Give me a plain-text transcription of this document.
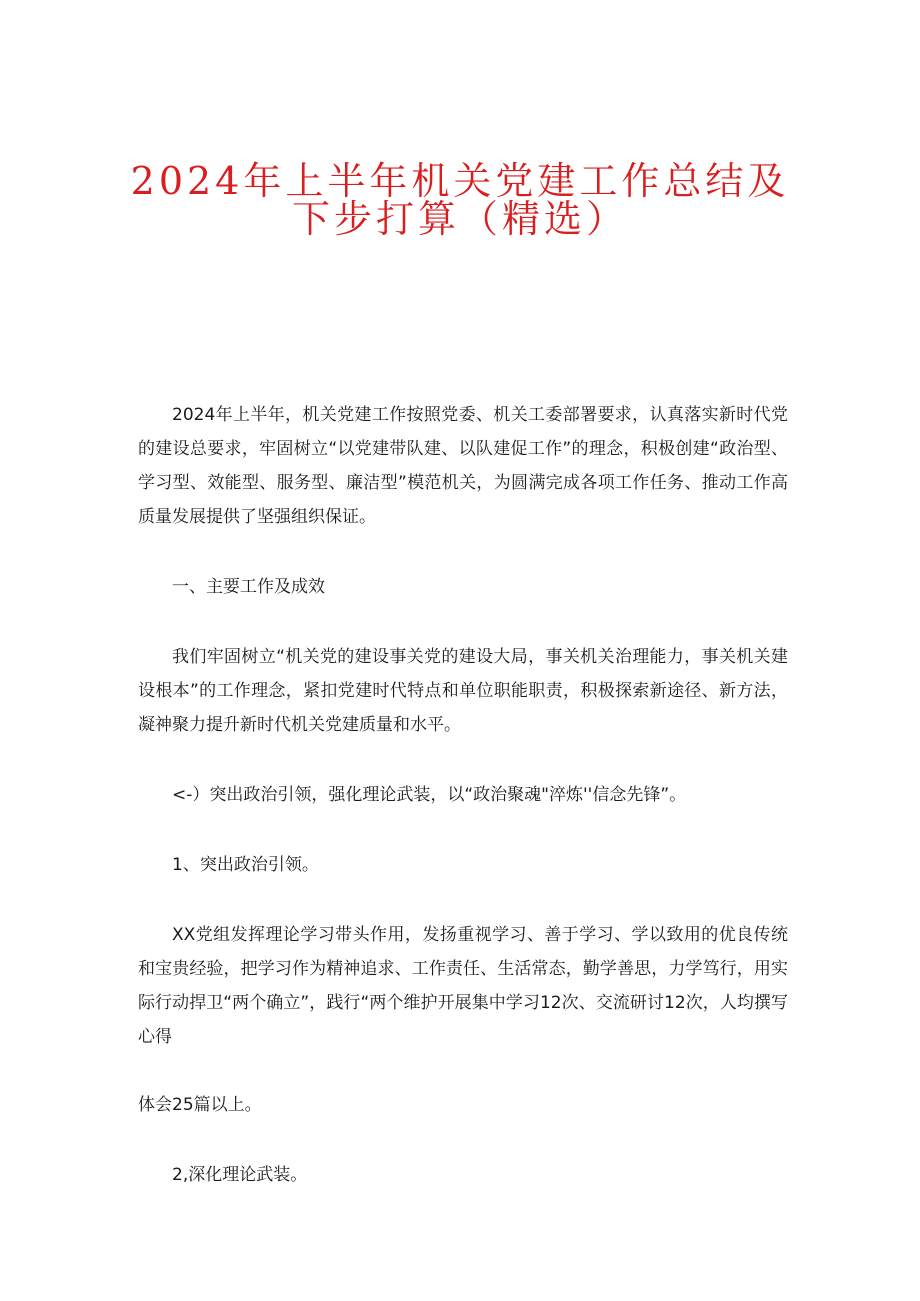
2024年上半年机关党建工作总结及
下步打算（精选）

2024年上半年，机关党建工作按照党委、机关工委部署要求，认真落实新时代党的建设总要求，牢固树立“以党建带队建、以队建促工作”的理念，积极创建“政治型、学习型、效能型、服务型、廉洁型”模范机关，为圆满完成各项工作任务、推动工作高质量发展提供了坚强组织保证。

一、主要工作及成效

我们牢固树立“机关党的建设事关党的建设大局，事关机关治理能力，事关机关建设根本”的工作理念，紧扣党建时代特点和单位职能职责，积极探索新途径、新方法，凝神聚力提升新时代机关党建质量和水平。

<-）突出政治引领，强化理论武装，以“政治聚魂"淬炼''信念先锋”。

1、突出政治引领。

XX党组发挥理论学习带头作用，发扬重视学习、善于学习、学以致用的优良传统和宝贵经验，把学习作为精神追求、工作责任、生活常态，勤学善思，力学笃行，用实际行动捍卫“两个确立”，践行“两个维护开展集中学习12次、交流研讨12次，人均撰写心得

体会25篇以上。

2,深化理论武装。
